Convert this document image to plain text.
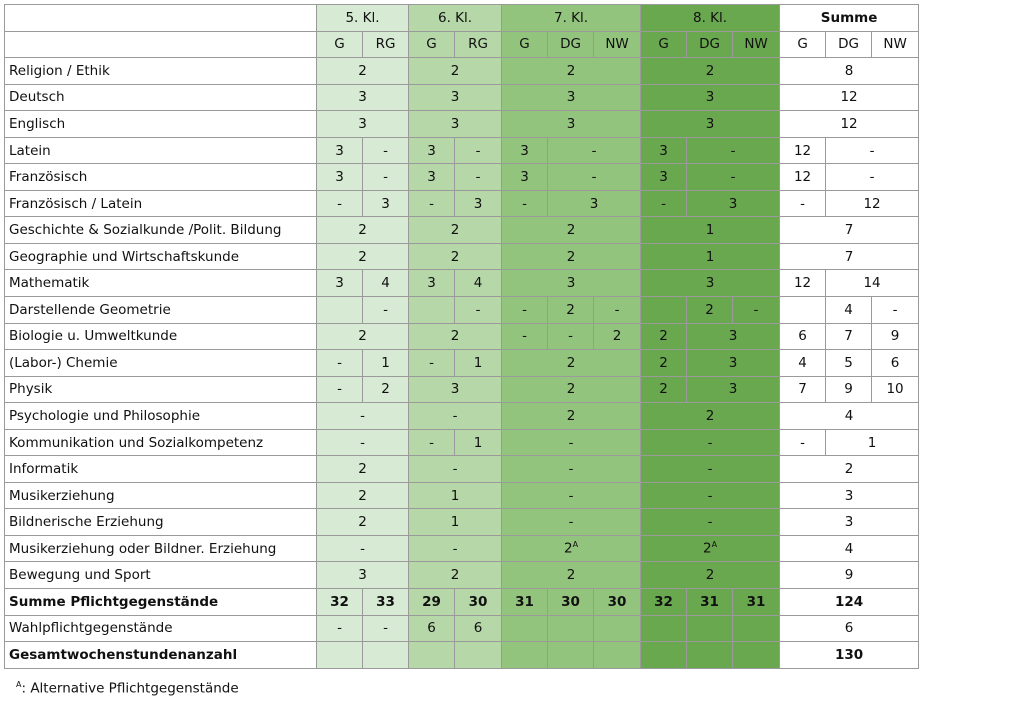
	5. Kl.		6. Kl.		7. Kl.			8. Kl.			Summe		
	G	RG	G	RG	G	DG	NW	G	DG	NW	G	DG	NW
Religion / Ethik	2		2		2			2			8		
Deutsch	3		3		3			3			12		
Englisch	3		3		3			3			12		
Latein	3	-	3	-	3	-		3	-		12	-	
Französisch	3	-	3	-	3	-		3	-		12	-	
Französisch / Latein	-	3	-	3	-	3		-	3		-	12	
Geschichte & Sozialkunde /Polit. Bildung	2		2		2			1			7		
Geographie und Wirtschaftskunde	2		2		2			1			7		
Mathematik	3	4	3	4	3			3			12	14	
Darstellende Geometrie		-		-	-	2	-		2	-		4	-
Biologie u. Umweltkunde	2		2		-	-	2	2	3		6	7	9
(Labor-) Chemie	-	1	-	1	2			2	3		4	5	6
Physik	-	2	3		2			2	3		7	9	10
Psychologie und Philosophie	-		-		2			2			4		
Kommunikation und Sozialkompetenz	-		-	1	-			-			-	1	
Informatik	2		-		-			-			2		
Musikerziehung	2		1		-			-			3		
Bildnerische Erziehung	2		1		-			-			3		
Musikerziehung oder Bildner. Erziehung	-		-		$2^A$			$2^A$			4		
Bewegung und Sport	3		2		2			2			9		
Summe Pflichtgegenstände	32	33	29	30	31	30	30	32	31	31	124		
Wahlpflichtgegenstände	-	-	6	6							6		
Gesamtwochenstundenanzahl											130		
$^A$: Alternative Pflichtgegenstände
